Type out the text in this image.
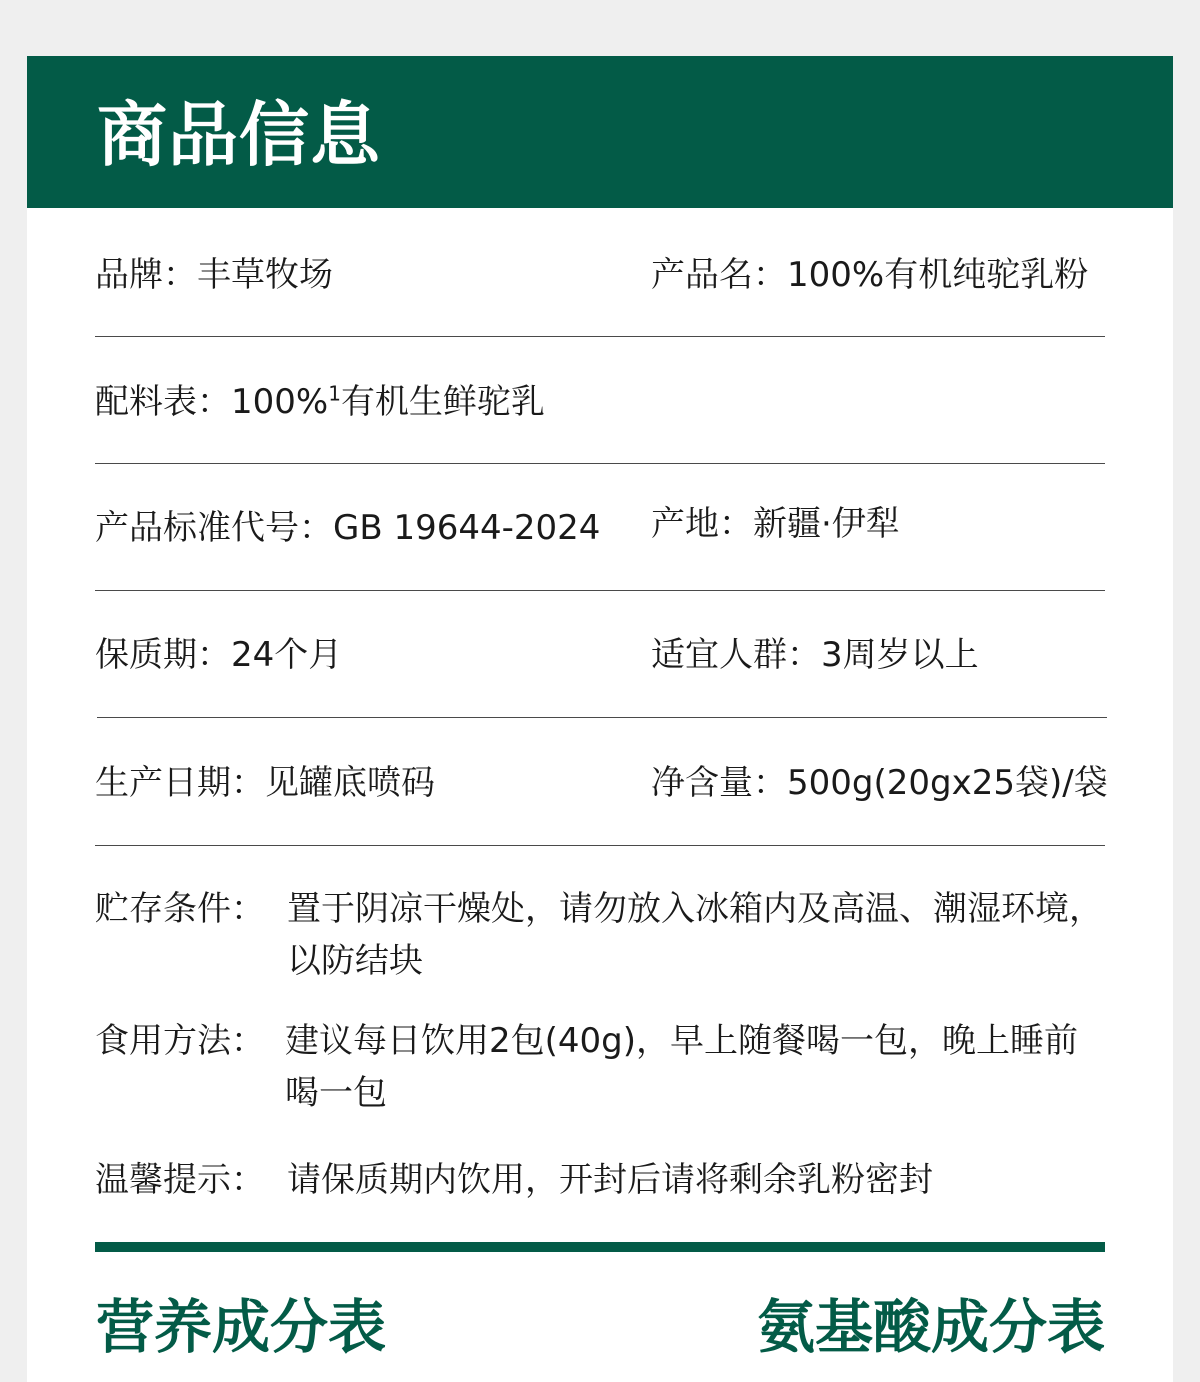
商品信息
品牌：丰草牧场	产品名：100%有机纯驼乳粉
配料表：100%$^1$有机生鲜驼乳
产品标准代号：GB 19644-2024 产地：新疆·伊犁
保质期：24个月	适宜人群：3周岁以上
生产日期：见罐底喷码	净含量：500g(20gx25袋)/袋
贮存条件： 置于阴凉干燥处，请勿放入冰箱内及高温、潮湿环境，以防结块
食用方法： 建议每日饮用2包(40g)，早上随餐喝一包，晚上睡前喝一包
温馨提示： 请保质期内饮用，开封后请将剩余乳粉密封
营养成分表	氨基酸成分表
